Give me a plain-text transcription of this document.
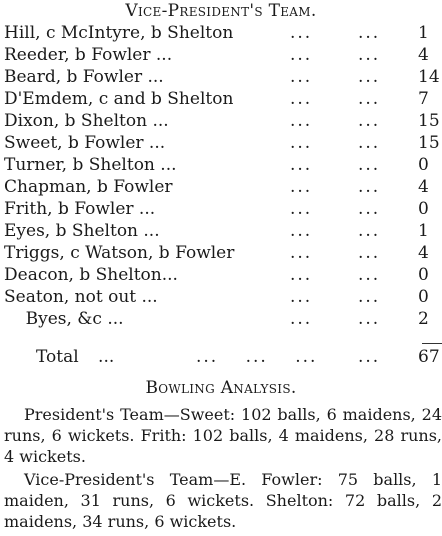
Vice-President's Team.
Hill, c McIntyre, b Shelton	...	... 1
Reeder, b Fowler ...	...	... 4
Beard, b Fowler ...	...	... 14
D'Emdem, c and b Shelton	...	... 7
Dixon, b Shelton ...	...	... 15
Sweet, b Fowler ...	...	... 15
Turner, b Shelton ...	...	... 0
Chapman, b Fowler	...	... 4
Frith, b Fowler ...	...	... 0
Eyes, b Shelton ...	...	... 1
Triggs, c Watson, b Fowler	...	... 4
Deacon, b Shelton...	...	... 0
Seaton, not out ...	...	... 0
Byes, &c ...	...	... 2
Total ...	... ... ... ... 67
Bowling Analysis.
President's Team—Sweet: 102 balls, 6 maidens, 24 runs, 6 wickets. Frith: 102 balls, 4 maidens, 28 runs, 4 wickets.
Vice-President's Team—E. Fowler: 75 balls, 1 maiden, 31 runs, 6 wickets. Shelton: 72 balls, 2 maidens, 34 runs, 6 wickets.
